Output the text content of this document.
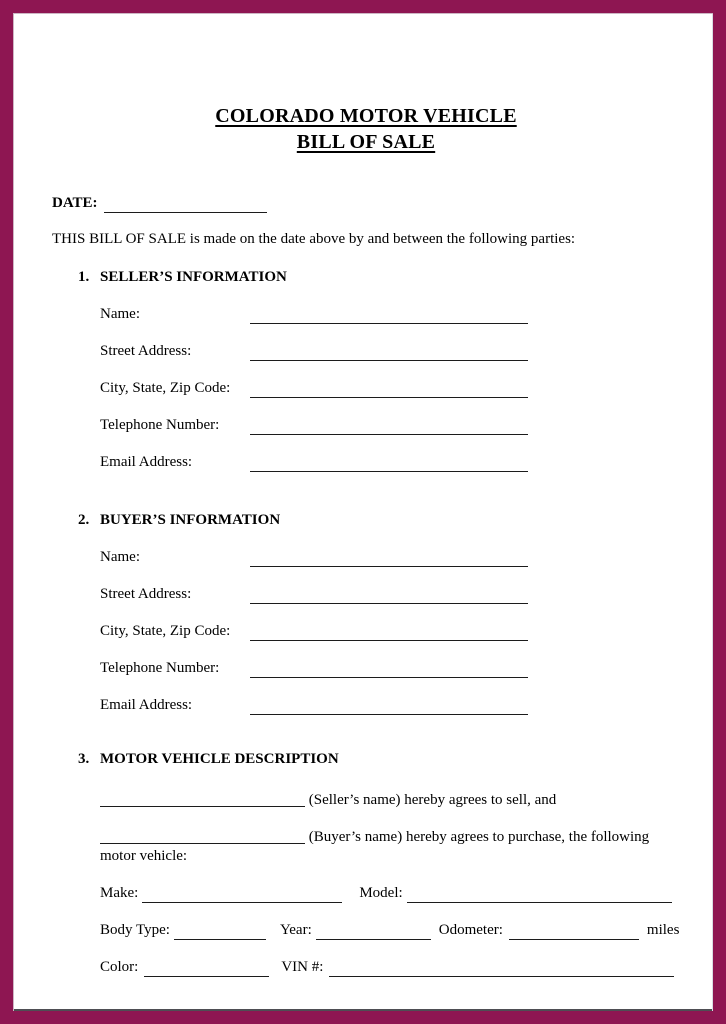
COLORADO MOTOR VEHICLE
BILL OF SALE
DATE:

THIS BILL OF SALE is made on the date above by and between the following parties:

1. SELLER’S INFORMATION
Name:
Street Address:
City, State, Zip Code:
Telephone Number:
Email Address:
2. BUYER’S INFORMATION
Name:
Street Address:
City, State, Zip Code:
Telephone Number:
Email Address:
3. MOTOR VEHICLE DESCRIPTION

(Seller’s name) hereby agrees to sell, and

(Buyer’s name) hereby agrees to purchase, the following
motor vehicle:

Make:	Model:
Body Type:	Year:	Odometer:	miles
Color:	VIN #:
